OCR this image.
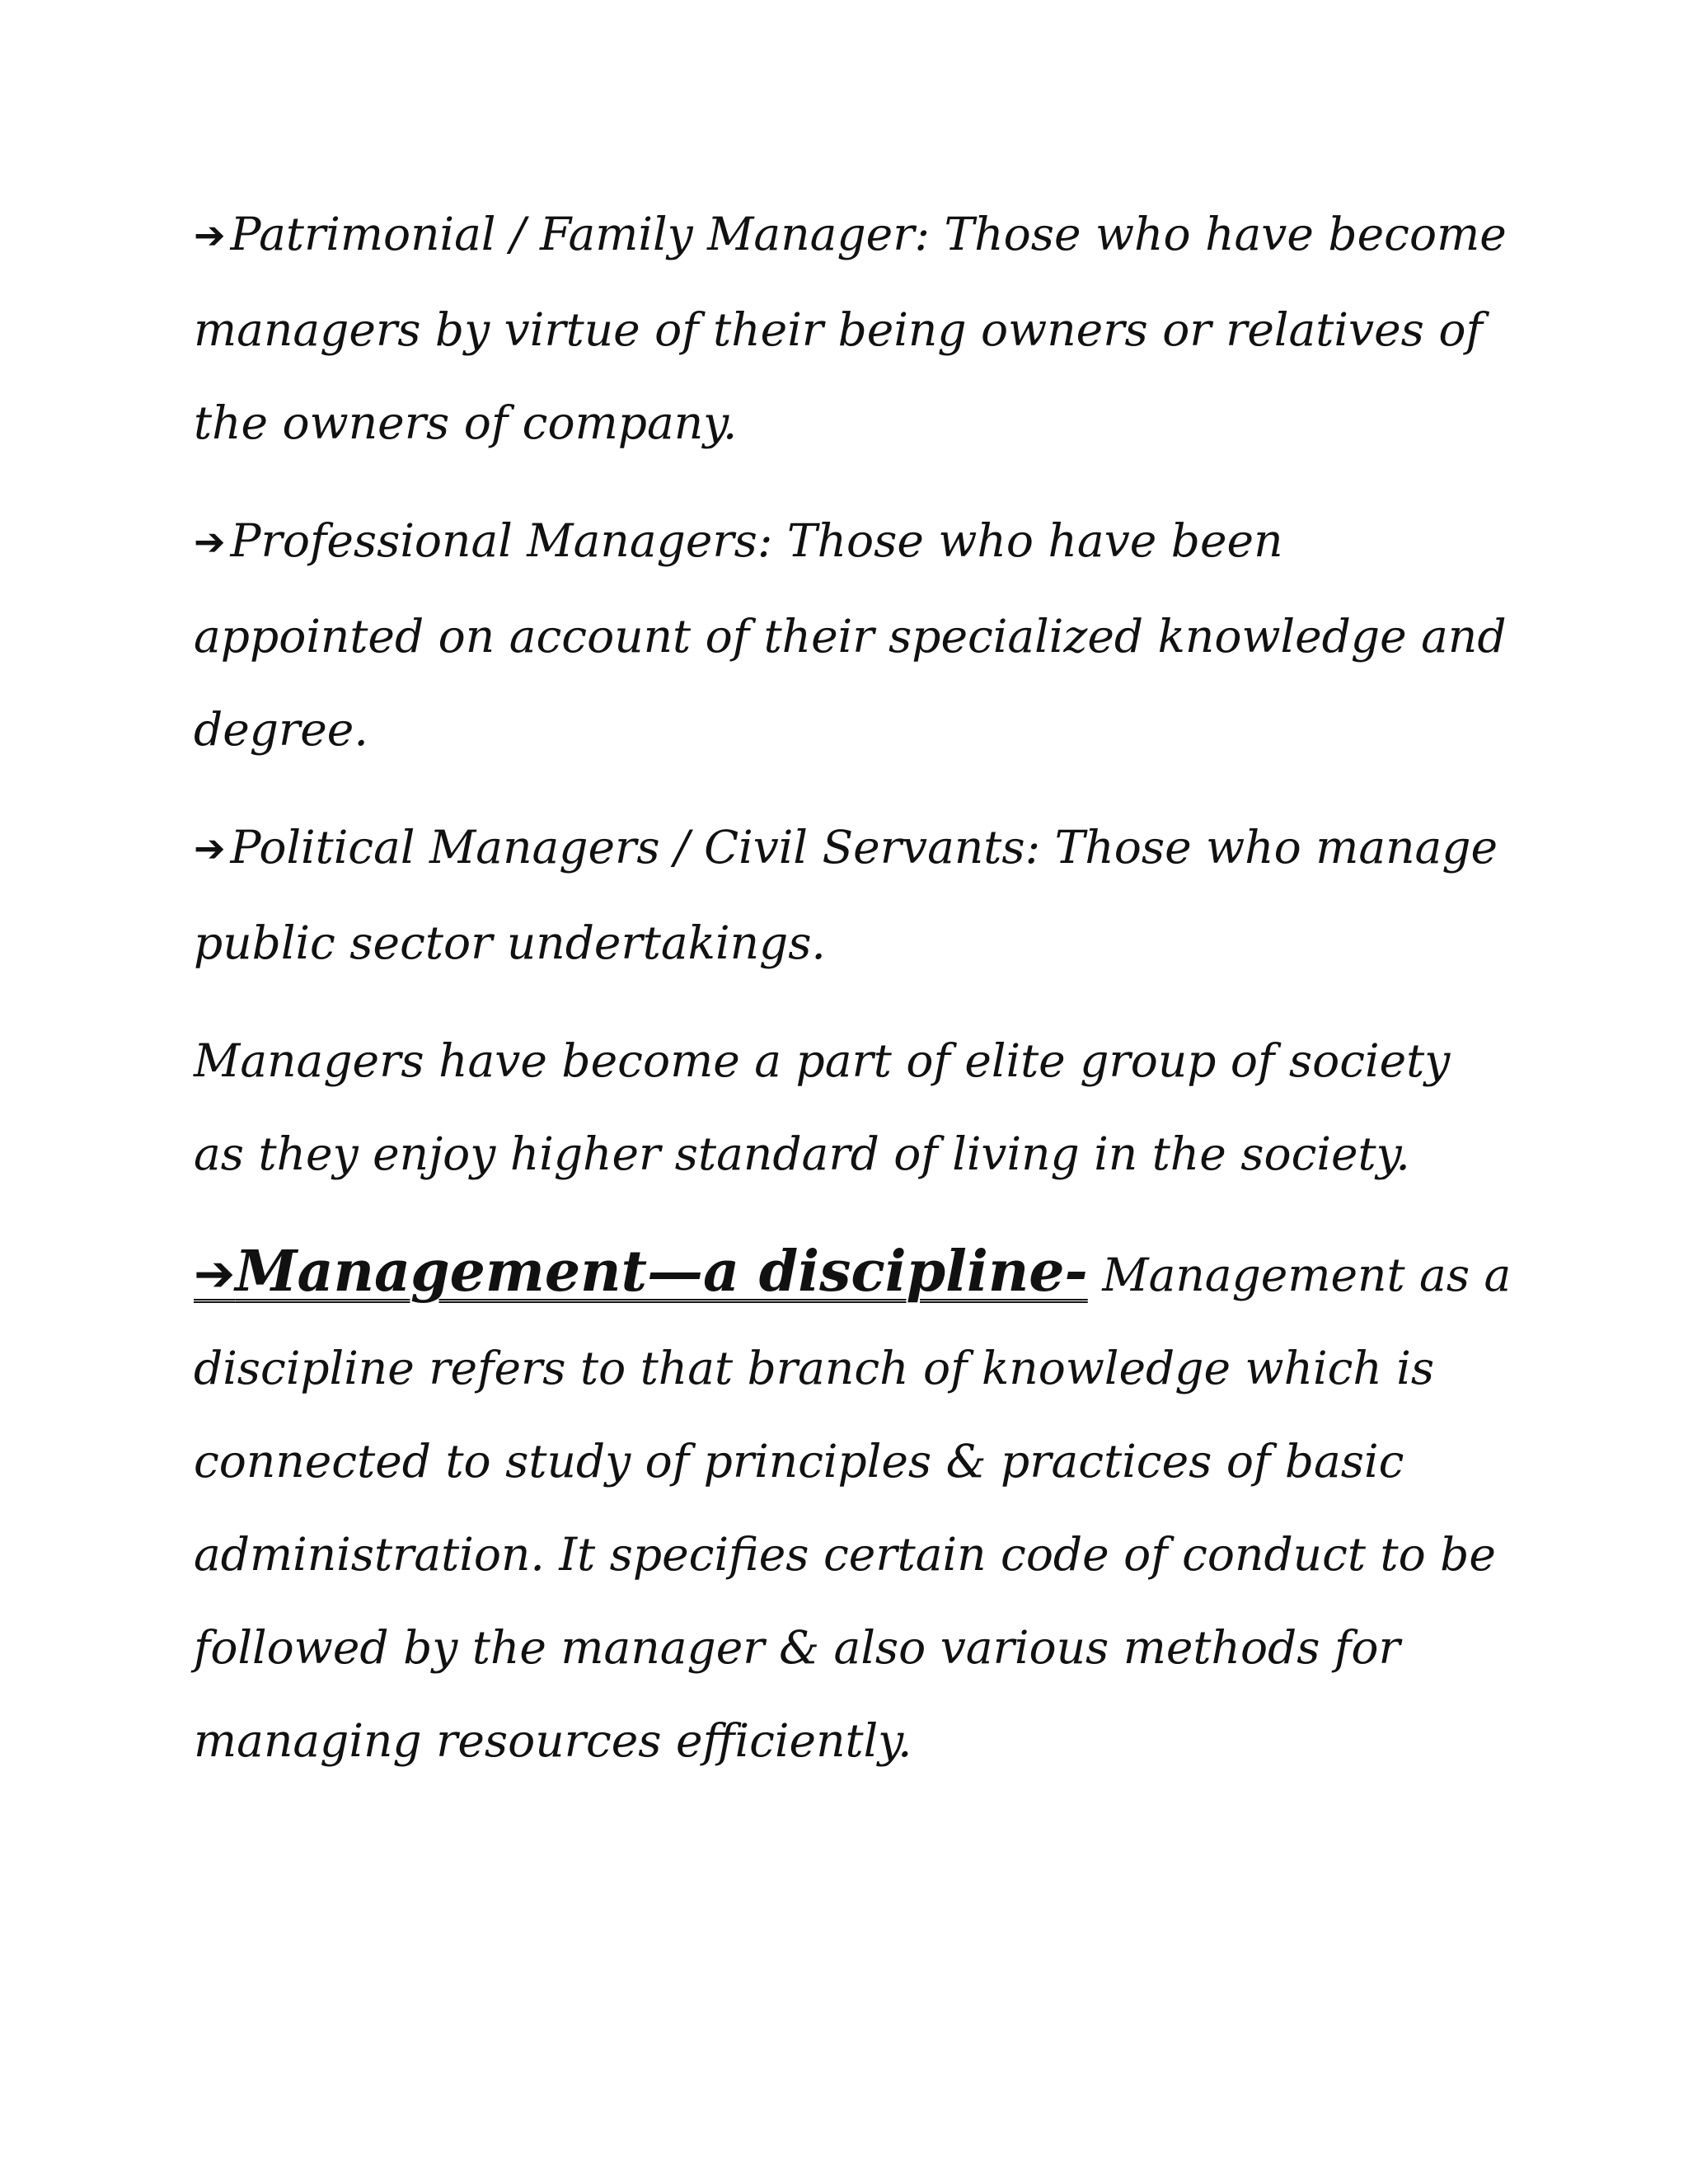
➔ Patrimonial / Family Manager: Those who have become managers by virtue of their being owners or relatives of the owners of company.

➔ Professional Managers: Those who have been appointed on account of their specialized knowledge and degree.

➔ Political Managers / Civil Servants: Those who manage public sector undertakings.

Managers have become a part of elite group of society as they enjoy higher standard of living in the society.

➔Management—a discipline- Management as a discipline refers to that branch of knowledge which is connected to study of principles & practices of basic administration. It specifies certain code of conduct to be followed by the manager & also various methods for managing resources efficiently.
